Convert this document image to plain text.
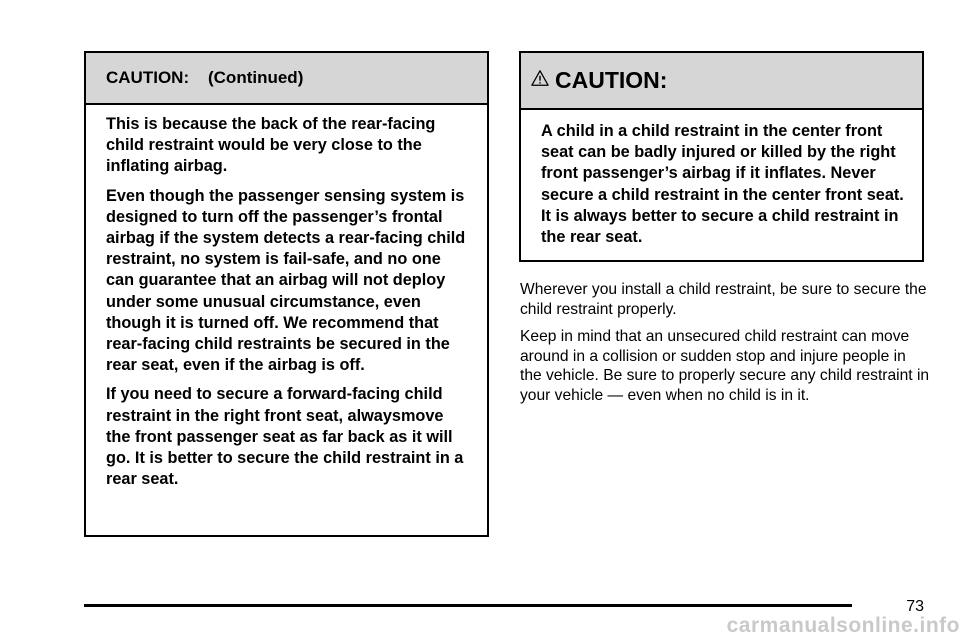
CAUTION:    (Continued)

This is because the back of the rear-facing child restraint would be very close to the inflating airbag.

Even though the passenger sensing system is designed to turn off the passenger’s frontal airbag if the system detects a rear-facing child restraint, no system is fail-safe, and no one can guarantee that an airbag will not deploy under some unusual circumstance, even though it is turned off. We recommend that rear-facing child restraints be secured in the rear seat, even if the airbag is off.

If you need to secure a forward-facing child restraint in the right front seat, alwaysmove the front passenger seat as far back as it will go. It is better to secure the child restraint in a rear seat.

CAUTION:

A child in a child restraint in the center front seat can be badly injured or killed by the right front passenger’s airbag if it inflates. Never secure a child restraint in the center front seat. It is always better to secure a child restraint in the rear seat.

Wherever you install a child restraint, be sure to secure the child restraint properly.

Keep in mind that an unsecured child restraint can move around in a collision or sudden stop and injure people in the vehicle. Be sure to properly secure any child restraint in your vehicle — even when no child is in it.

73
carmanualsonline.info
